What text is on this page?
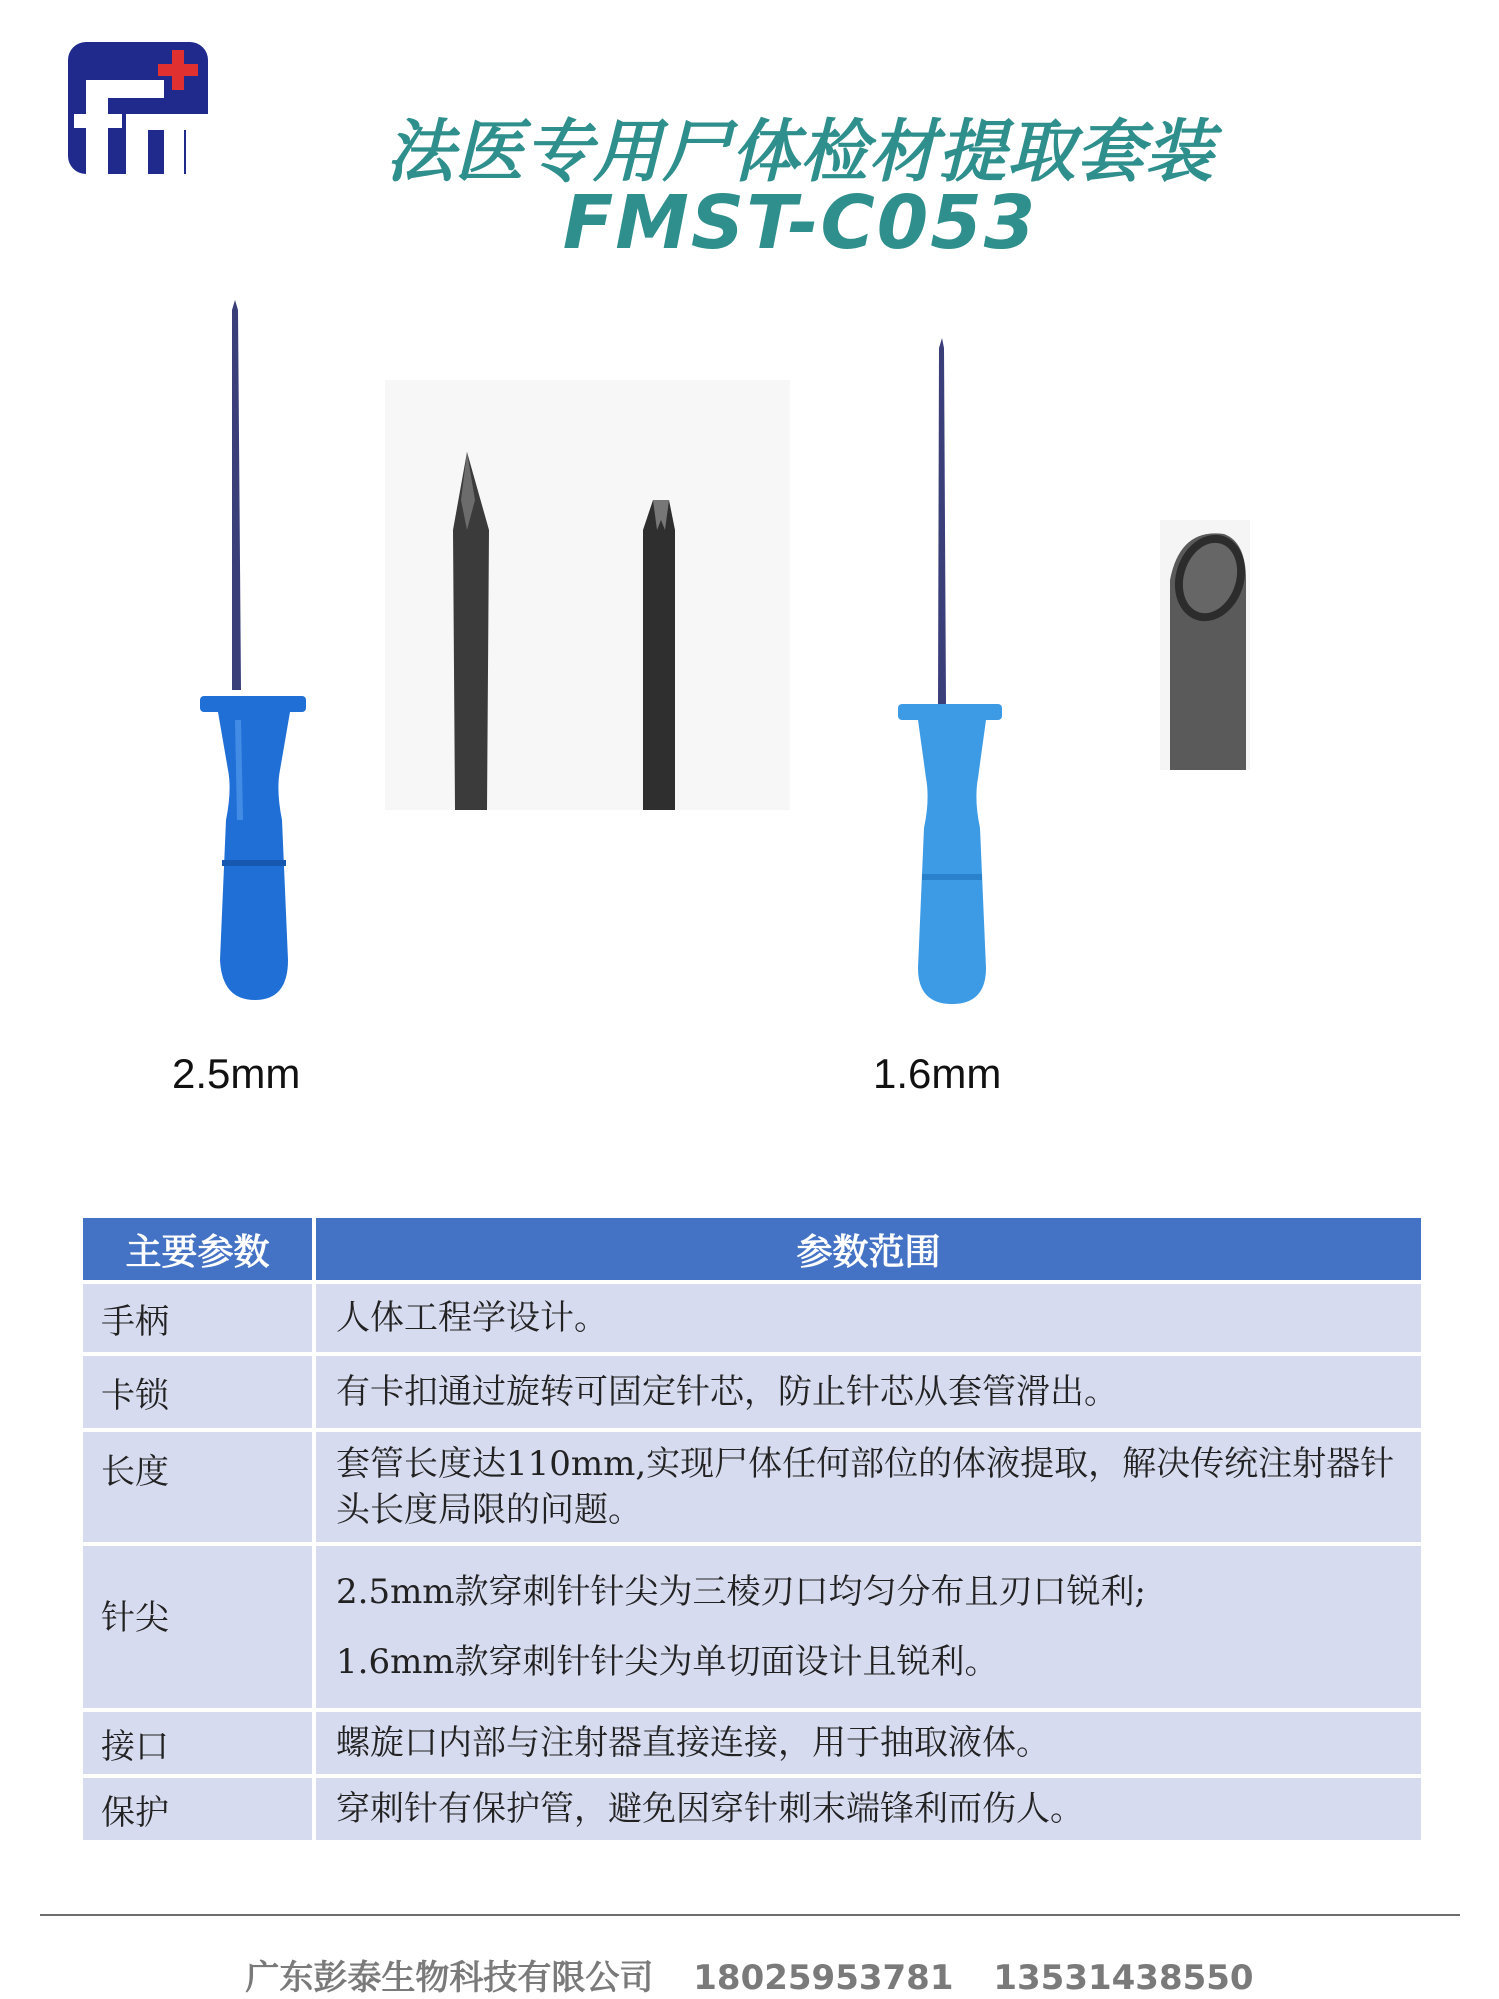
法医专用尸体检材提取套装
FMST-C053
2.5mm	1.6mm
主要参数	参数范围
手柄	人体工程学设计。
卡锁	有卡扣通过旋转可固定针芯，防止针芯从套管滑出。
长度	套管长度达110mm,实现尸体任何部位的体液提取，解决传统注射器针头长度局限的问题。
针尖	2.5mm款穿刺针针尖为三棱刃口均匀分布且刃口锐利;
1.6mm款穿刺针针尖为单切面设计且锐利。

接口	螺旋口内部与注射器直接连接，用于抽取液体。
保护	穿刺针有保护管，避免因穿针刺末端锋利而伤人。
广东彭泰生物科技有限公司 18025953781 13531438550
